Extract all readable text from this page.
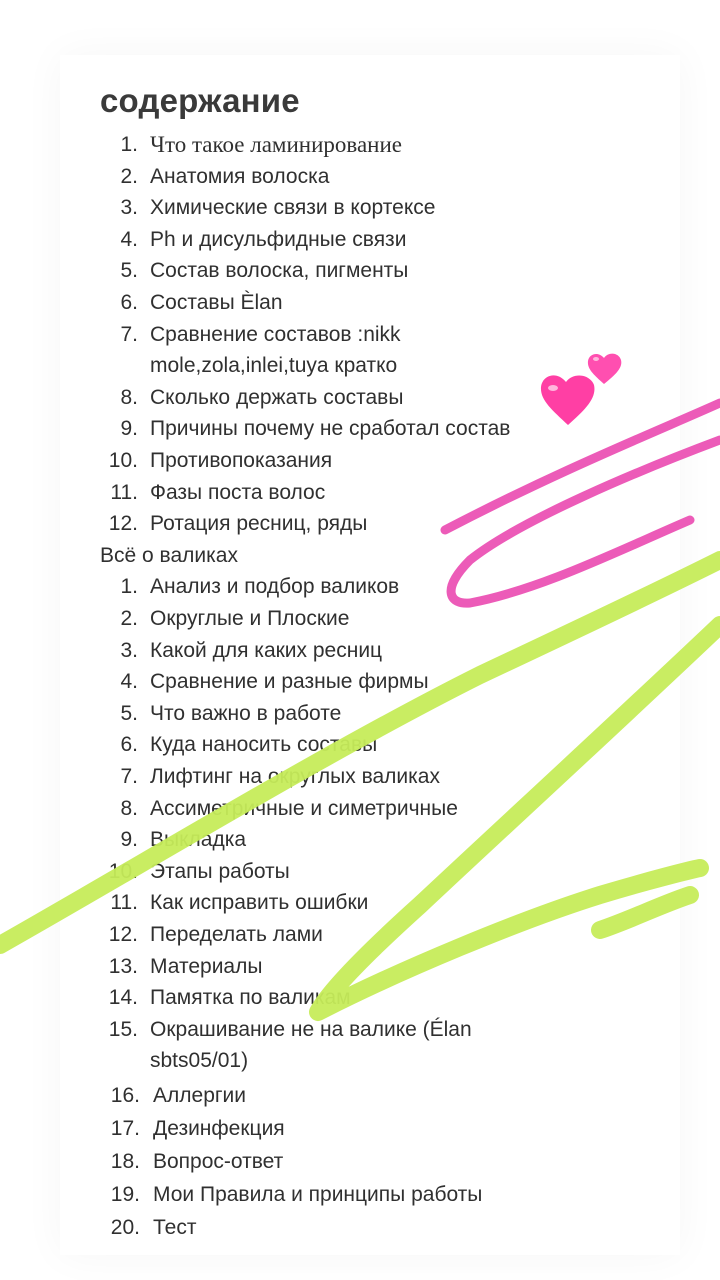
содержание
1. Что такое ламинирование
2. Анатомия волоска
3. Химические связи в кортексе
4. Ph и дисульфидные связи
5. Состав волоска, пигменты
6. Составы Èlan
7. Сравнение составов :nikk
mole,zola,inlei,tuya кратко
8. Сколько держать составы
9. Причины почему не сработал состав
10. Противопоказания
11. Фазы поста волос
12. Ротация ресниц, ряды
Всё о валиках
1. Анализ и подбор валиков
2. Округлые и Плоские
3. Какой для каких ресниц
4. Сравнение и разные фирмы
5. Что важно в работе
6. Куда наносить составы
7. Лифтинг на округлых валиках
8. Ассиметричные и симетричные
9. Выкладка
10. Этапы работы
11. Как исправить ошибки
12. Переделать лами
13. Материалы
14. Памятка по валикам
15. Окрашивание не на валике (Élan
sbts05/01)
16. Аллергии
17. Дезинфекция
18. Вопрос-ответ
19. Мои Правила и принципы работы
20. Тест
